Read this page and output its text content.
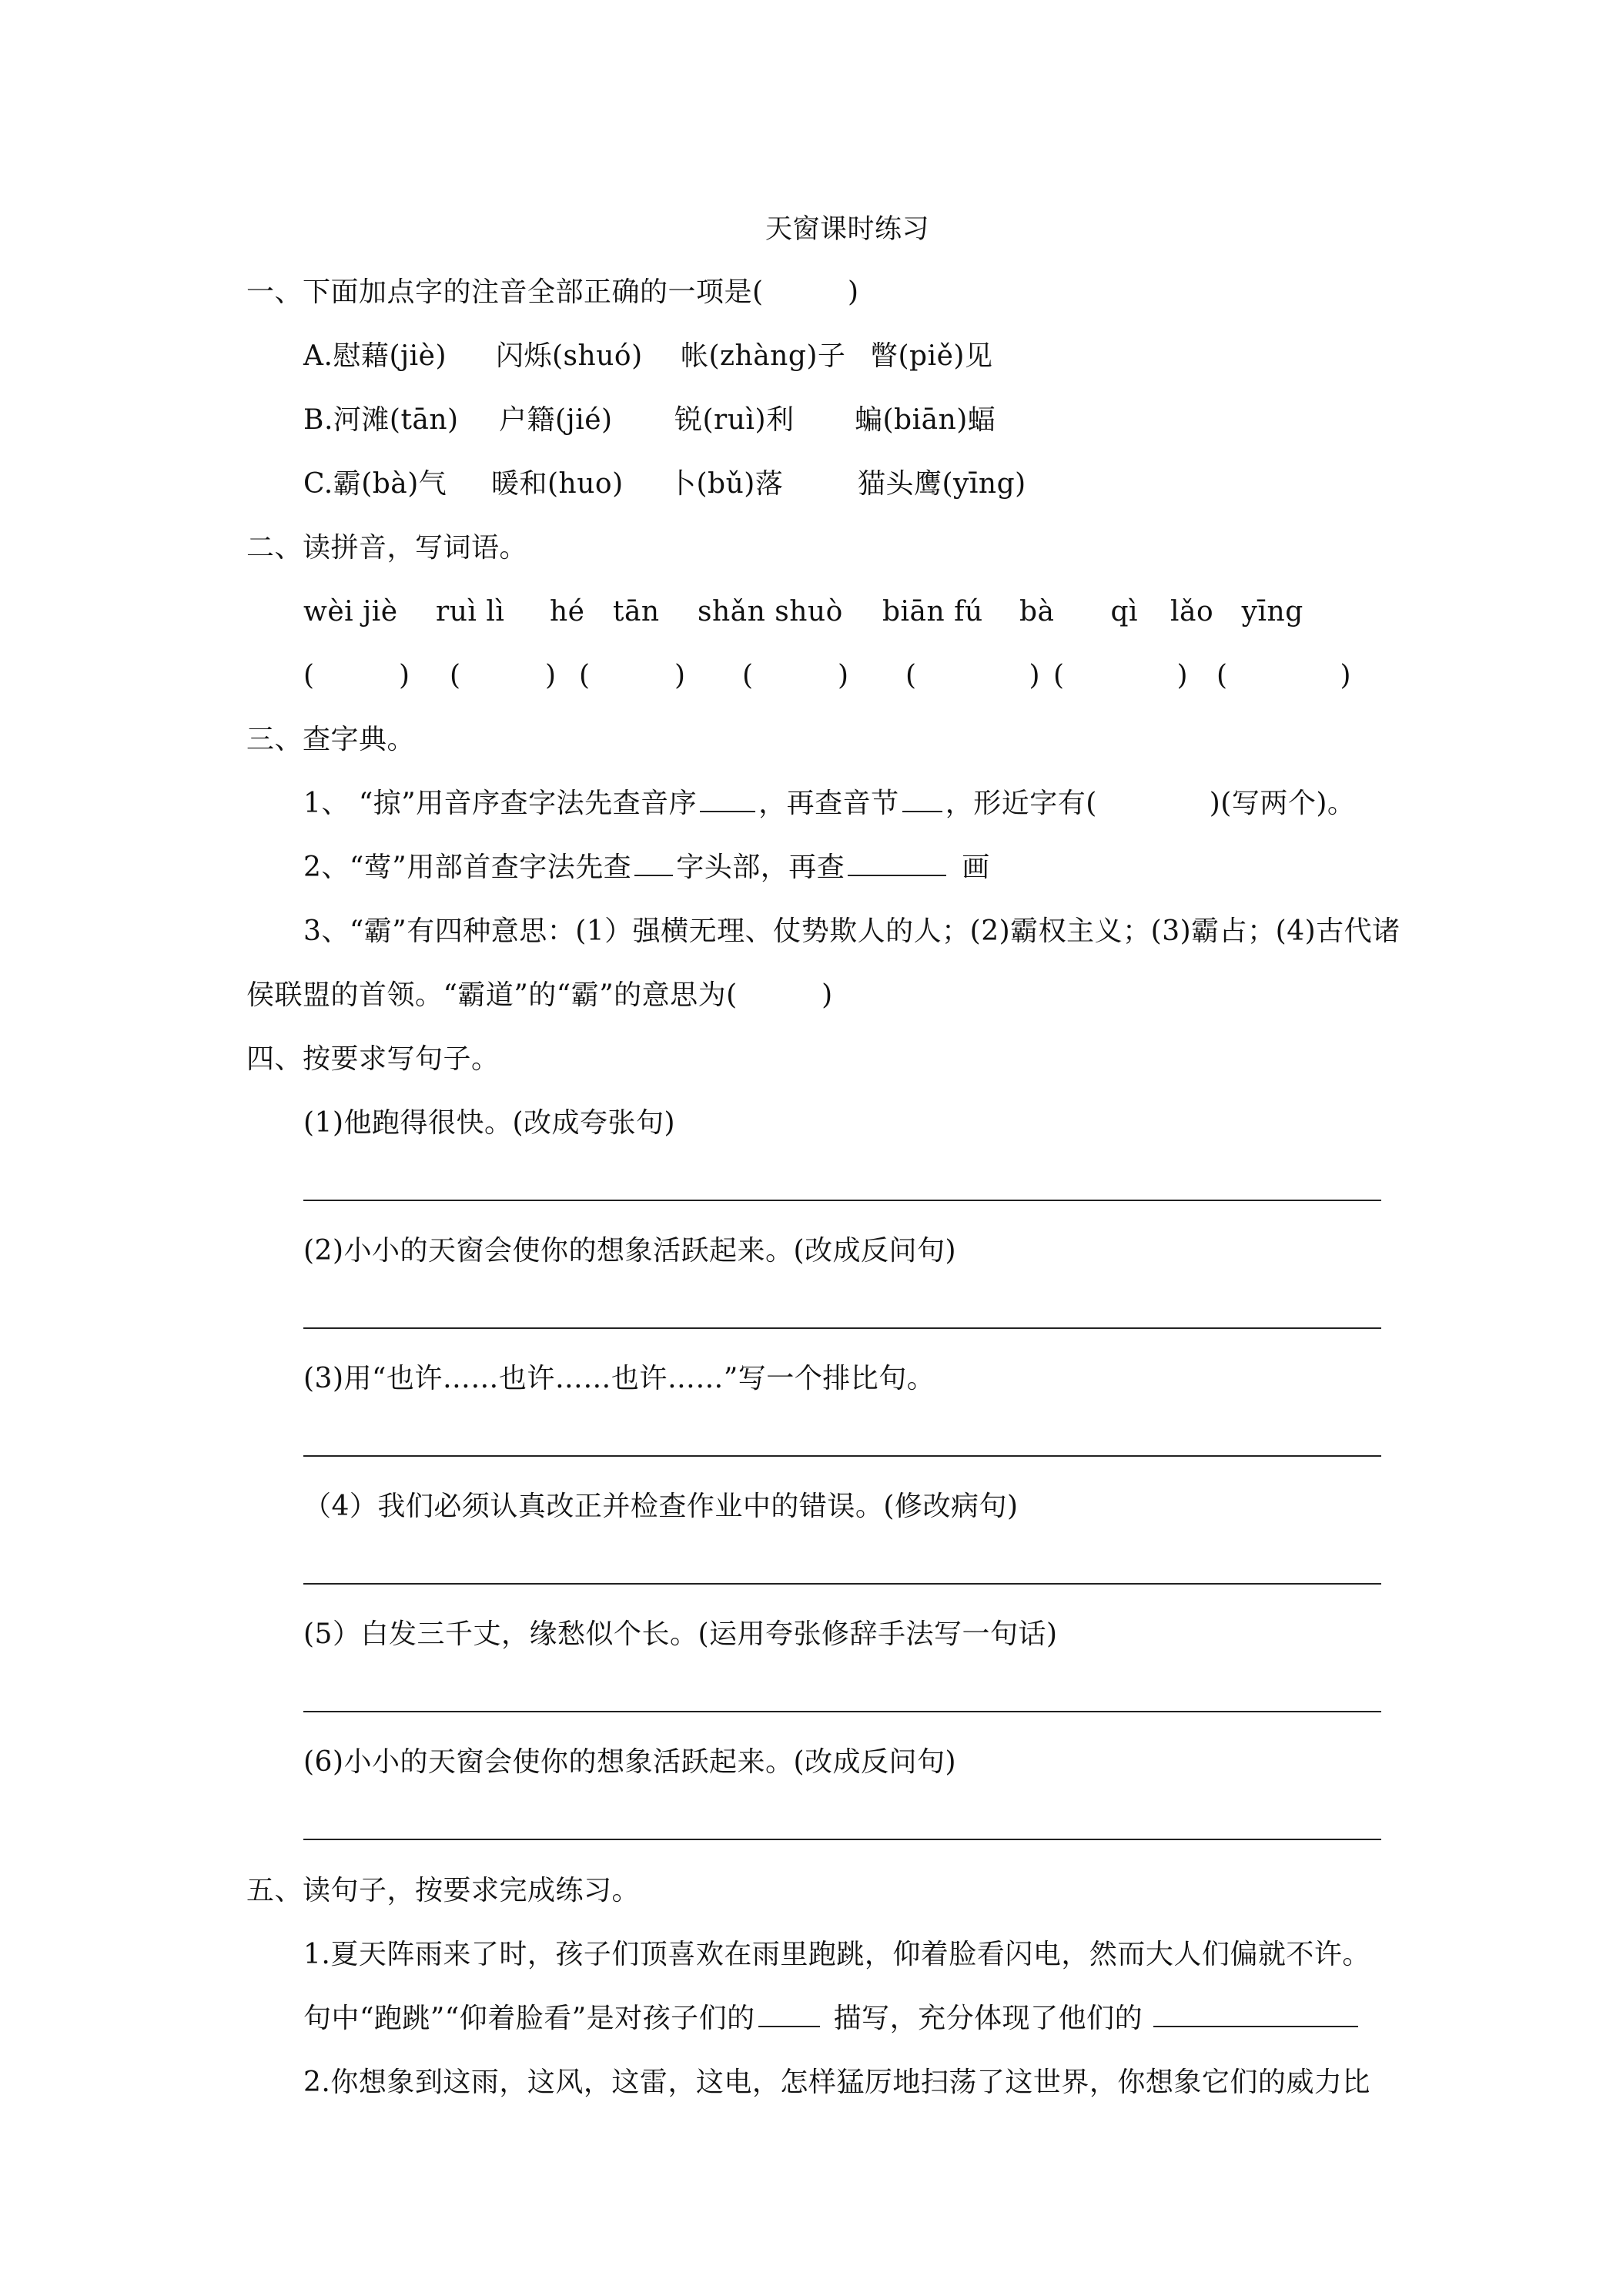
天窗课时练习
一、下面加点字的注音全部正确的一项是(　　　)
A.慰藉(jiè) 闪烁(shuó) 帐(zhàng)子 瞥(piě)见
B.河滩(tān) 户籍(jié) 锐(ruì)利 蝙(biān)蝠
C.霸(bà)气 暖和(huo) 卜(bǔ)落	猫头鹰(yīng)
二、读拼音，写词语。
wèi jiè ruì lì hé　tān shǎn shuò biān fú bà　　qì lǎo　yīng
(　　　) (　　　) (　　　) (　　　) (　　　　) (　　　　) (　　　　)
三、查字典。
1、 “掠”用音序查字法先查音序 ，再查音节 ，形近字有(　　　　)(写两个)。
2、“莺”用部首查字法先查 字头部，再查	画
3、“霸”有四种意思：(1）强横无理、仗势欺人的人；(2)霸权主义；(3)霸占；(4)古代诸
侯联盟的首领。“霸道”的“霸”的意思为(　　　)
四、按要求写句子。
(1)他跑得很快。(改成夸张句)
(2)小小的天窗会使你的想象活跃起来。(改成反问句)
(3)用“也许……也许……也许……”写一个排比句。
（4）我们必须认真改正并检查作业中的错误。(修改病句)
(5）白发三千丈，缘愁似个长。(运用夸张修辞手法写一句话)
(6)小小的天窗会使你的想象活跃起来。(改成反问句)
五、读句子，按要求完成练习。
1.夏天阵雨来了时，孩子们顶喜欢在雨里跑跳，仰着脸看闪电，然而大人们偏就不许。
句中“跑跳”“仰着脸看”是对孩子们的	描写，充分体现了他们的
2.你想象到这雨，这风，这雷，这电，怎样猛厉地扫荡了这世界，你想象它们的威力比
